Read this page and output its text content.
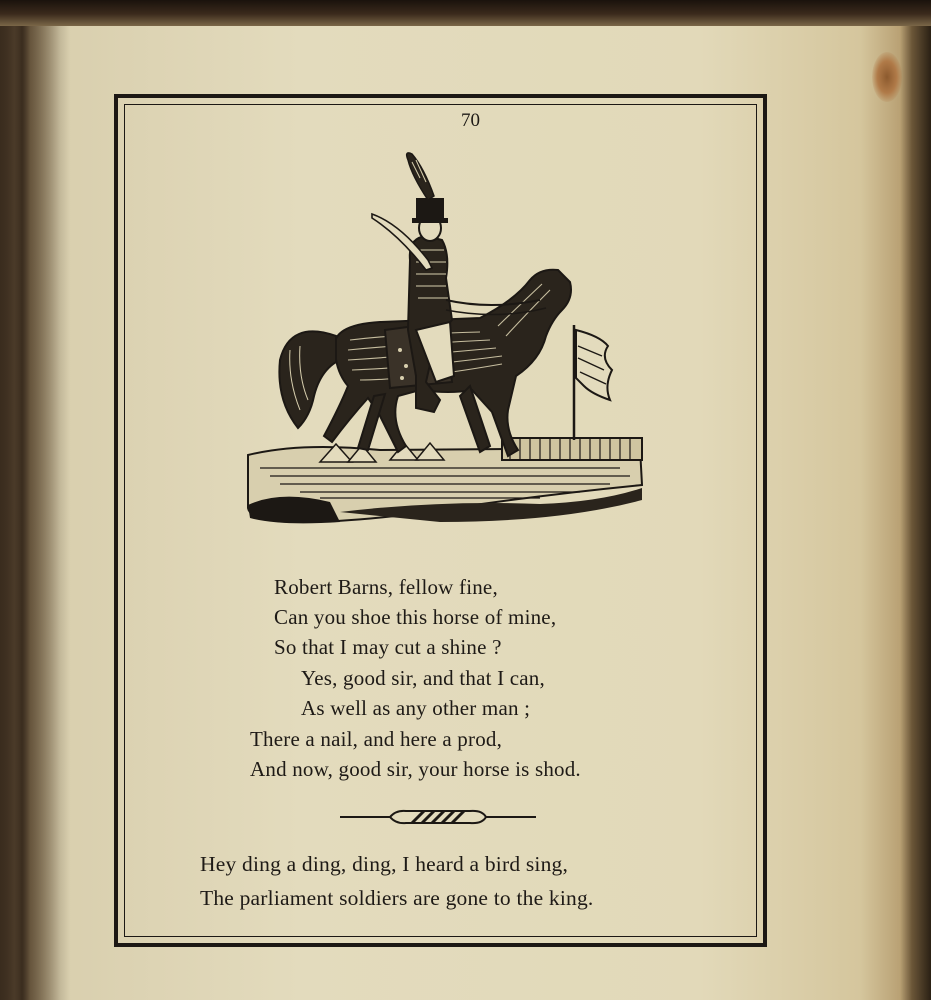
70
Robert Barns, fellow fine,
Can you shoe this horse of mine,
So that I may cut a shine ?
Yes, good sir, and that I can,
As well as any other man ;
There a nail, and here a prod,
And now, good sir, your horse is shod.
Hey ding a ding, ding, I heard a bird sing,
The parliament soldiers are gone to the king.
